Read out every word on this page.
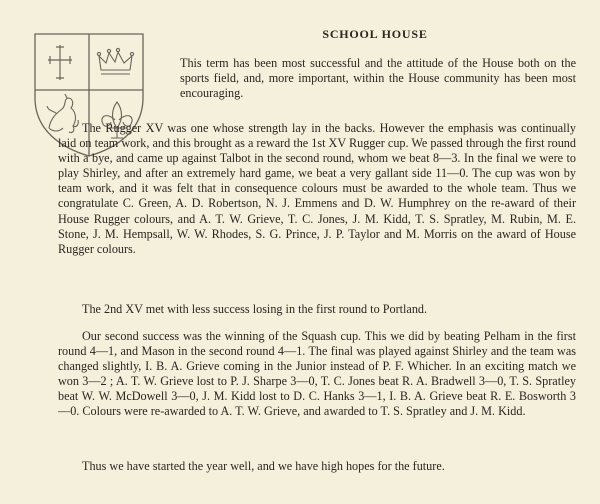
SCHOOL HOUSE

This term has been most successful and the attitude of the House both on the sports field, and, more important, within the House community has been most encouraging.

The Rugger XV was one whose strength lay in the backs. However the emphasis was continually laid on team work, and this brought as a reward the 1st XV Rugger cup. We passed through the first round with a bye, and came up against Talbot in the second round, whom we beat 8—3. In the final we were to play Shirley, and after an extremely hard game, we beat a very gallant side 11—0. The cup was won by team work, and it was felt that in consequence colours must be awarded to the whole team. Thus we congratulate C. Green, A. D. Robertson, N. J. Emmens and D. W. Humphrey on the re-award of their House Rugger colours, and A. T. W. Grieve, T. C. Jones, J. M. Kidd, T. S. Spratley, M. Rubin, M. E. Stone, J. M. Hempsall, W. W. Rhodes, S. G. Prince, J. P. Taylor and M. Morris on the award of House Rugger colours.

The 2nd XV met with less success losing in the first round to Portland.

Our second success was the winning of the Squash cup. This we did by beating Pelham in the first round 4—1, and Mason in the second round 4—1. The final was played against Shirley and the team was changed slightly, I. B. A. Grieve coming in the Junior instead of P. F. Whicher. In an exciting match we won 3—2 ; A. T. W. Grieve lost to P. J. Sharpe 3—0, T. C. Jones beat R. A. Bradwell 3—0, T. S. Spratley beat W. W. McDowell 3—0, J. M. Kidd lost to D. C. Hanks 3—1, I. B. A. Grieve beat R. E. Bosworth 3—0. Colours were re-awarded to A. T. W. Grieve, and awarded to T. S. Spratley and J. M. Kidd.

Thus we have started the year well, and we have high hopes for the future.
